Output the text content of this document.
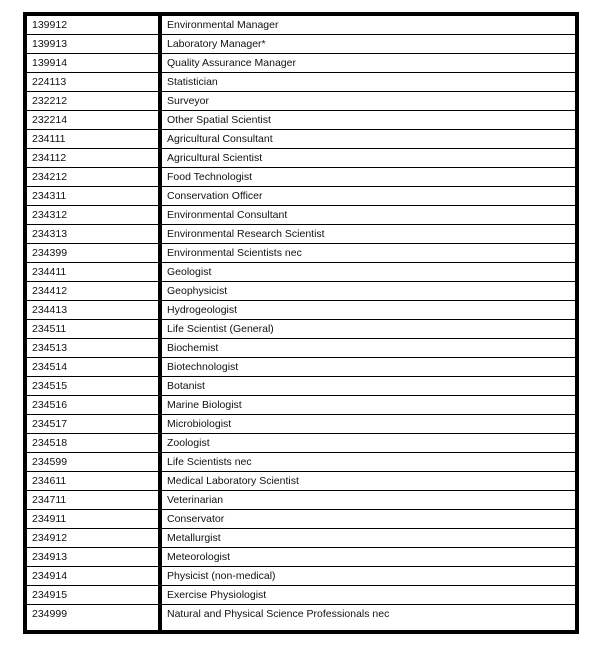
139912	Environmental Manager
139913	Laboratory Manager*
139914	Quality Assurance Manager
224113	Statistician
232212	Surveyor
232214	Other Spatial Scientist
234111	Agricultural Consultant
234112	Agricultural Scientist
234212	Food Technologist
234311	Conservation Officer
234312	Environmental Consultant
234313	Environmental Research Scientist
234399	Environmental Scientists nec
234411	Geologist
234412	Geophysicist
234413	Hydrogeologist
234511	Life Scientist (General)
234513	Biochemist
234514	Biotechnologist
234515	Botanist
234516	Marine Biologist
234517	Microbiologist
234518	Zoologist
234599	Life Scientists nec
234611	Medical Laboratory Scientist
234711	Veterinarian
234911	Conservator
234912	Metallurgist
234913	Meteorologist
234914	Physicist (non-medical)
234915	Exercise Physiologist
234999	Natural and Physical Science Professionals nec
